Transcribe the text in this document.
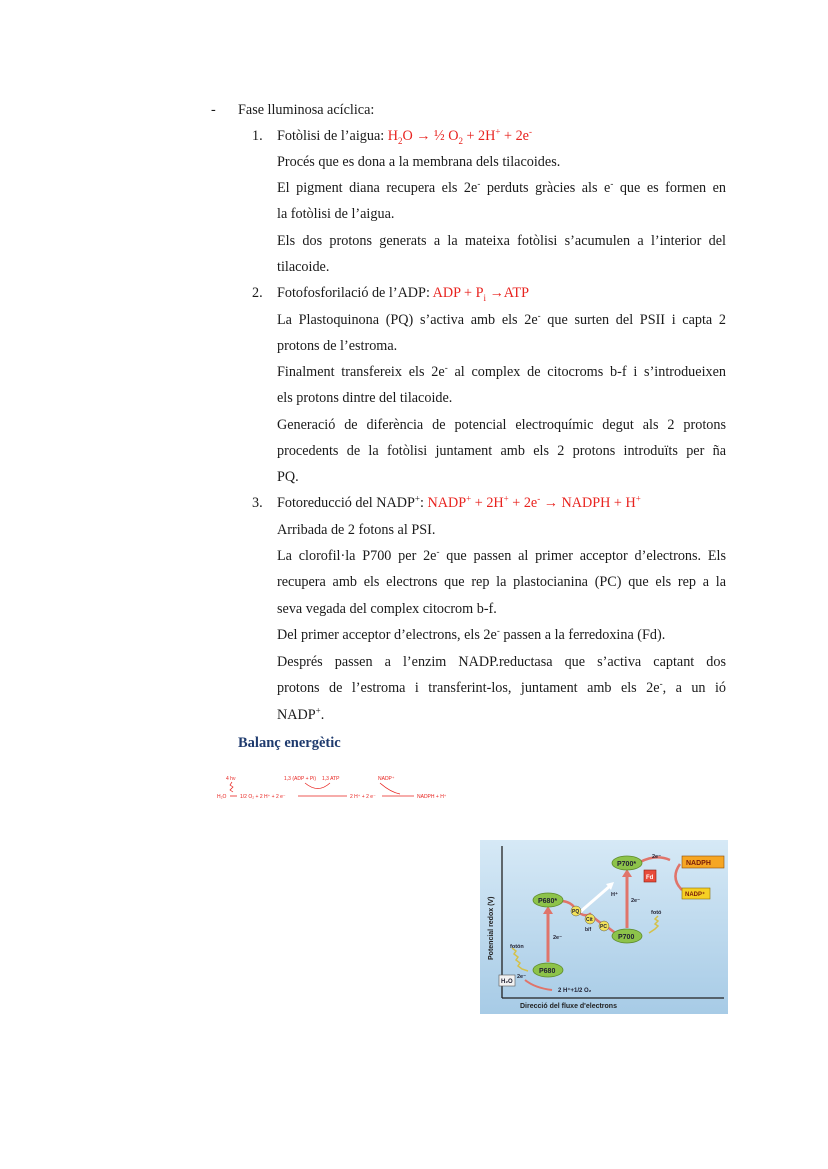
- Fase lluminosa acíclica:
1. Fotòlisi de l’aigua: $H_2O$ → ½ $O_2 + 2H^+ + 2e^-$
Procés que es dona a la membrana dels tilacoides.
El pigment diana recupera els 2e- perduts gràcies als e- que es formen en
la fotòlisi de l’aigua.
Els dos protons generats a la mateixa fotòlisi s’acumulen a l’interior del
tilacoide.
2. Fotofosforilació de l’ADP: ADP + $P_i \to ATP$
La Plastoquinona (PQ) s’activa amb els 2e- que surten del PSII i capta 2
protons de l’estroma.
Finalment transfereix els 2e- al complex de citocroms b-f i s’introdueixen
els protons dintre del tilacoide.
Generació de diferència de potencial electroquímic degut als 2 protons
procedents de la fotòlisi juntament amb els 2 protons introduïts per ña
PQ.
3. Fotoreducció del NADP+: NADP+ + 2H+ + 2e- → NADPH + H+
Arribada de 2 fotons al PSI.
La clorofil·la P700 per 2e- que passen al primer acceptor d’electrons. Els
recupera amb els electrons que rep la plastocianina (PC) que els rep a la
seva vegada del complex citocrom b-f.
Del primer acceptor d’electrons, els 2e- passen a la ferredoxina (Fd).
Després passen a l’enzim NADP.reductasa que s’activa captant dos
protons de l’estroma i transferint-los, juntament amb els 2e-, a un ió
NADP+.
Balanç energètic
4 hν
H₂O	1/2 O₂ + 2 H⁺ + 2 e⁻
1,3 (ADP + Pi) 1,3 ATP
2 H⁺ + 2 e⁻
NADP⁺
NADPH + H⁺
Potencial redox (V)
Direcció del fluxe d'electrons
P680
P680*
P700
P700*
PQ
Cit
b/f PC
Fd
NADPH
NADP⁺
H₂O
2 H⁺+1/2 O₂
fotón
fotó
2e⁻
2e⁻
2e⁻
2e⁻
H⁺
